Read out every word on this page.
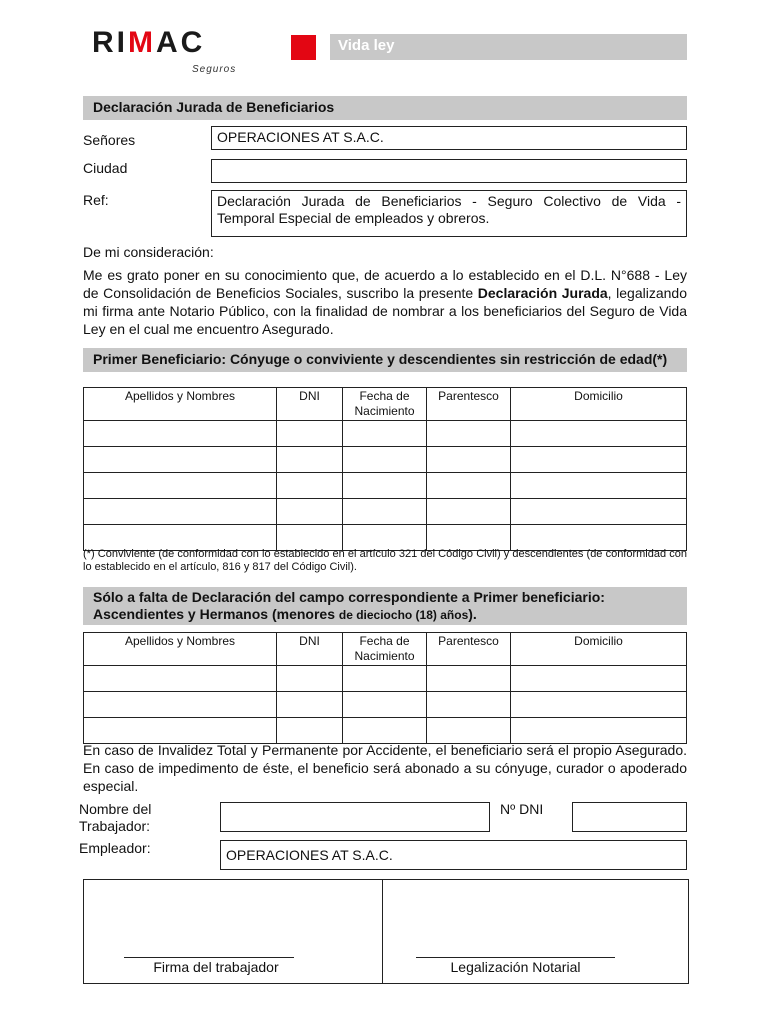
RIMAC
Seguros
Vida ley
Declaración Jurada de Beneficiarios
Señores	OPERACIONES AT S.A.C.
Ciudad
Ref:	Declaración Jurada de Beneficiarios - Seguro Colectivo de Vida - Temporal Especial de empleados y obreros.
De mi consideración:
Me es grato poner en su conocimiento que, de acuerdo a lo establecido en el D.L. N°688 - Ley de Consolidación de Beneficios Sociales, suscribo la presente Declaración Jurada, legalizando mi firma ante Notario Público, con la finalidad de nombrar a los beneficiarios del Seguro de Vida Ley en el cual me encuentro Asegurado.
Primer Beneficiario: Cónyuge o conviviente y descendientes sin restricción de edad(*)
Apellidos y Nombres	DNI	Fecha de Nacimiento	Parentesco	Domicilio

(*) Conviviente (de conformidad con lo establecido en el artículo 321 del Código Civil) y descendientes (de conformidad con lo establecido en el artículo, 816 y 817 del Código Civil).
Sólo a falta de Declaración del campo correspondiente a Primer beneficiario:
Ascendientes y Hermanos (menores de dieciocho (18) años).
Apellidos y Nombres	DNI	Fecha de Nacimiento	Parentesco	Domicilio

En caso de Invalidez Total y Permanente por Accidente, el beneficiario será el propio Asegurado. En caso de impedimento de éste, el beneficio será abonado a su cónyuge, curador o apoderado especial.
Nombre del Trabajador:
Nº DNI
Empleador:	OPERACIONES AT S.A.C.
Firma del trabajador	Legalización Notarial
